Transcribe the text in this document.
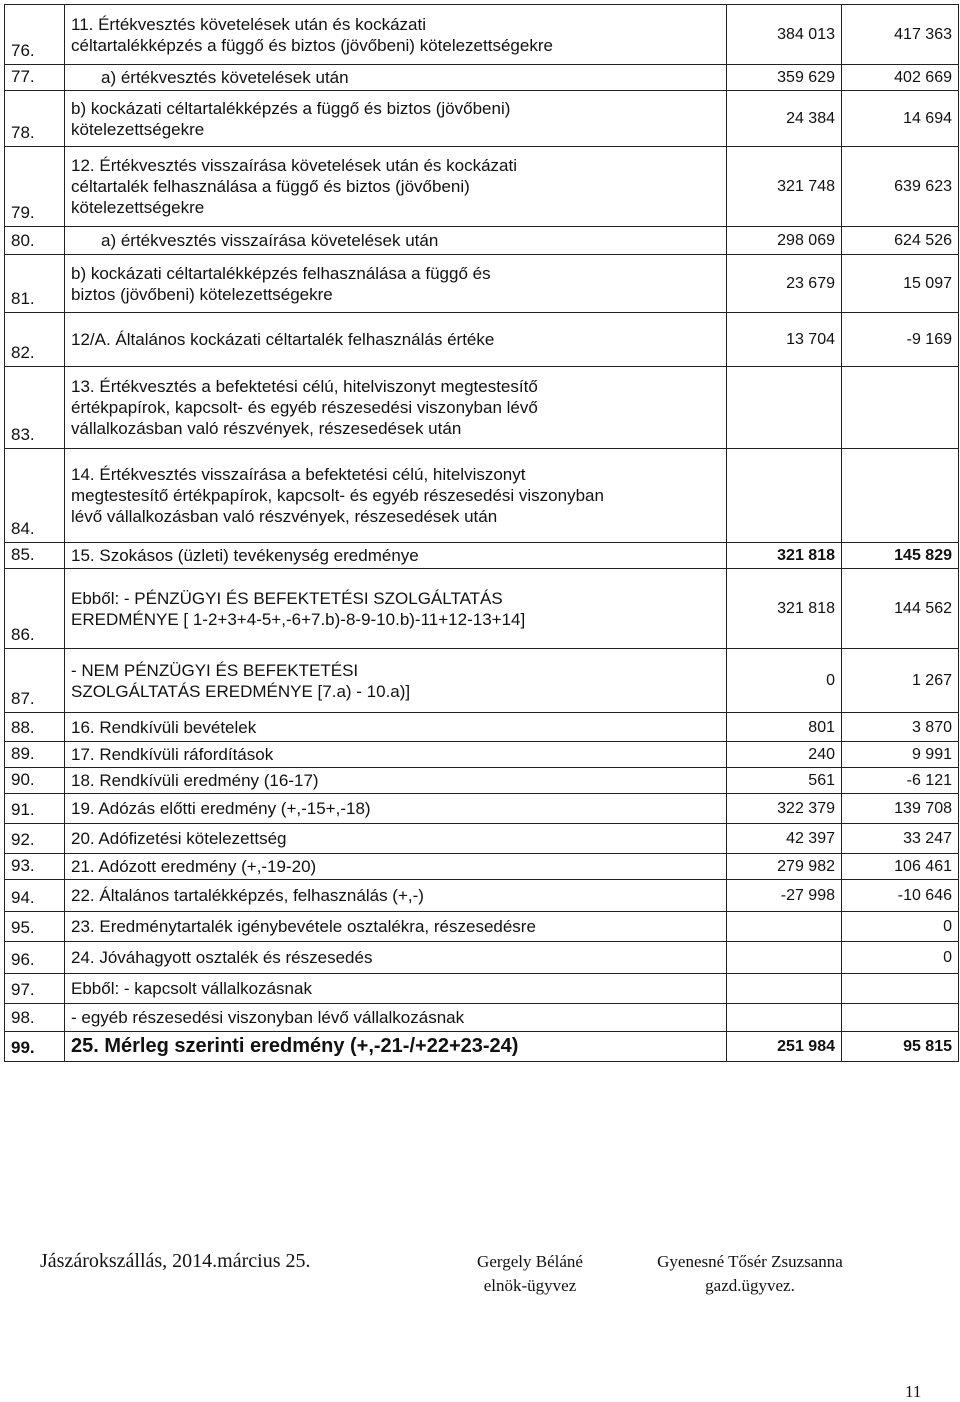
76.	11. Értékvesztés követelések után és kockázati
céltartalékképzés a függő és biztos (jövőbeni) kötelezettségekre	384 013	417 363
77.	a) értékvesztés követelések után	359 629	402 669
78.	b) kockázati céltartalékképzés a függő és biztos (jövőbeni)
kötelezettségekre	24 384	14 694
79.	12. Értékvesztés visszaírása követelések után és kockázati
céltartalék felhasználása a függő és biztos (jövőbeni)
kötelezettségekre	321 748	639 623
80.	a) értékvesztés visszaírása követelések után	298 069	624 526
81.	b) kockázati céltartalékképzés felhasználása a függő és
biztos (jövőbeni) kötelezettségekre	23 679	15 097
82.	12/A. Általános kockázati céltartalék felhasználás értéke	13 704	-9 169
83.	13. Értékvesztés a befektetési célú, hitelviszonyt megtestesítő
értékpapírok, kapcsolt- és egyéb részesedési viszonyban lévő
vállalkozásban való részvények, részesedések után		
84.	14. Értékvesztés visszaírása a befektetési célú, hitelviszonyt
megtestesítő értékpapírok, kapcsolt- és egyéb részesedési viszonyban
lévő vállalkozásban való részvények, részesedések után		
85.	15. Szokásos (üzleti) tevékenység eredménye	321 818	145 829
86.	Ebből: - PÉNZÜGYI ÉS BEFEKTETÉSI SZOLGÁLTATÁS
EREDMÉNYE [ 1-2+3+4-5+,-6+7.b)-8-9-10.b)-11+12-13+14]	321 818	144 562
87.	- NEM PÉNZÜGYI ÉS BEFEKTETÉSI
SZOLGÁLTATÁS EREDMÉNYE [7.a) - 10.a)]	0	1 267
88.	16. Rendkívüli bevételek	801	3 870
89.	17. Rendkívüli ráfordítások	240	9 991
90.	18. Rendkívüli eredmény (16-17)	561	-6 121
91.	19. Adózás előtti eredmény (+,-15+,-18)	322 379	139 708
92.	20. Adófizetési kötelezettség	42 397	33 247
93.	21. Adózott eredmény (+,-19-20)	279 982	106 461
94.	22. Általános tartalékképzés, felhasználás (+,-)	-27 998	-10 646
95.	23. Eredménytartalék igénybevétele osztalékra, részesedésre		0
96.	24. Jóváhagyott osztalék és részesedés		0
97.	Ebből: - kapcsolt vállalkozásnak		
98.	- egyéb részesedési viszonyban lévő vállalkozásnak		
99.	25. Mérleg szerinti eredmény (+,-21-/+22+23-24)	251 984	95 815
Jászárokszállás, 2014.március 25.	Gergely Béláné
elnök-ügyvez
Gyenesné Tősér Zsuzsanna
gazd.ügyvez.
11
